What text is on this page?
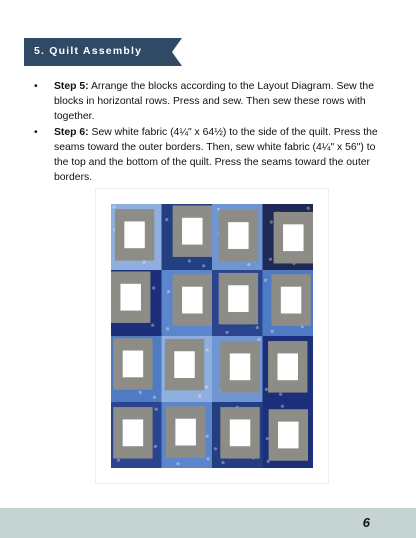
5. Quilt Assembly
• Step 5: Arrange the blocks according to the Layout Diagram. Sew the blocks in horizontal rows. Press and sew. Then sew these rows with together.
• Step 6: Sew white fabric (4¼" x 64½) to the side of the quilt. Press the seams toward the outer borders. Then, sew white fabric (4¼" x 56") to the top and the bottom of the quilt. Press the seams toward the outer borders.
6
